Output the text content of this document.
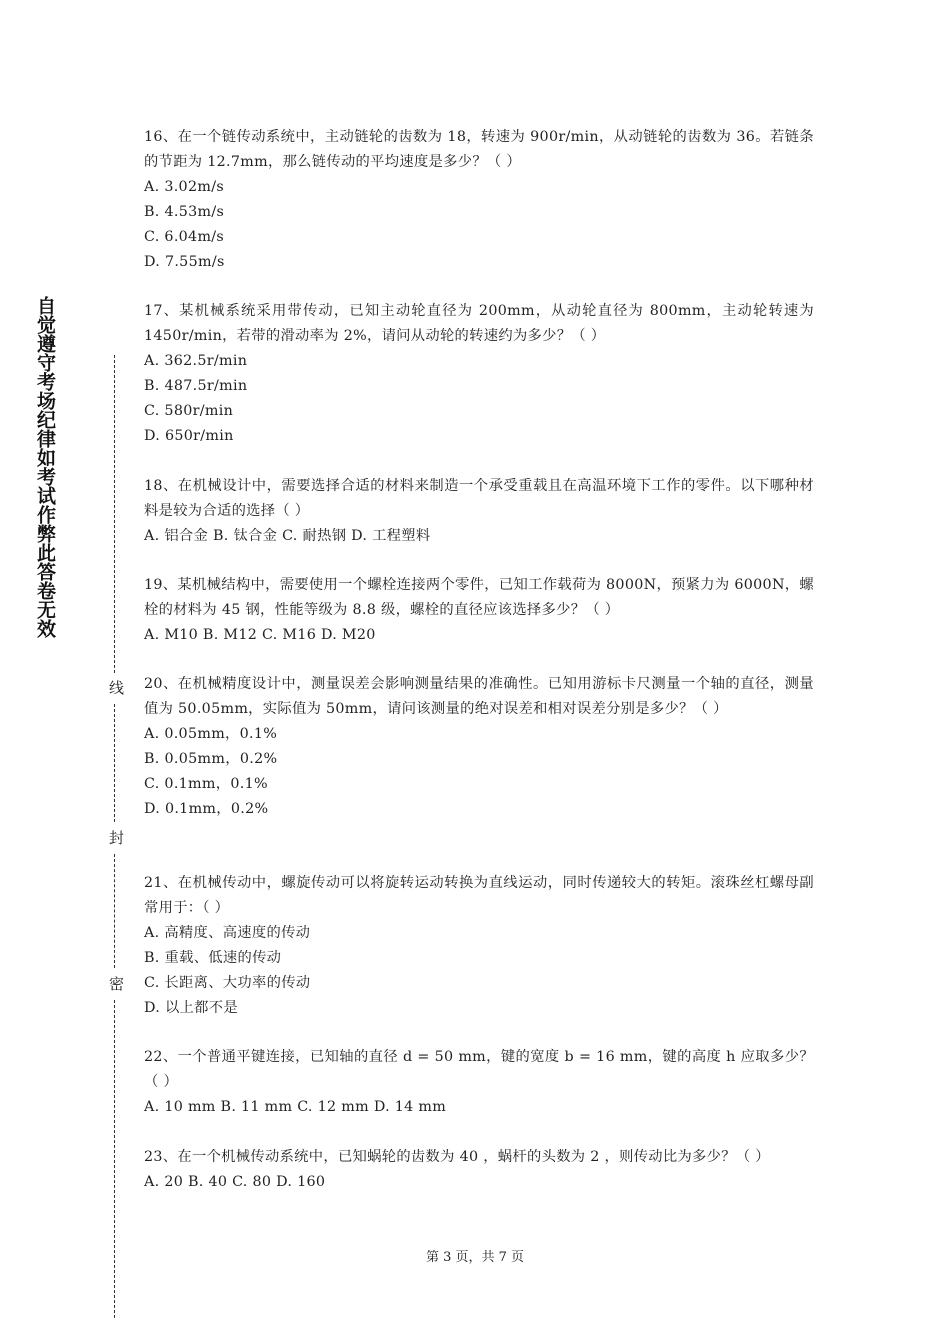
自觉遵守考场纪律如考试作弊此答卷无效
线
封
密

16、在一个链传动系统中，主动链轮的齿数为 18，转速为 900r/min，从动链轮的齿数为 36。若链条的节距为 12.7mm，那么链传动的平均速度是多少？（ ）

A. 3.02m/s

B. 4.53m/s

C. 6.04m/s

D. 7.55m/s

17、某机械系统采用带传动，已知主动轮直径为 200mm，从动轮直径为 800mm，主动轮转速为 1450r/min，若带的滑动率为 2%，请问从动轮的转速约为多少？（ ）

A. 362.5r/min

B. 487.5r/min

C. 580r/min

D. 650r/min

18、在机械设计中，需要选择合适的材料来制造一个承受重载且在高温环境下工作的零件。以下哪种材料是较为合适的选择（ ）

A. 铝合金 B. 钛合金 C. 耐热钢 D. 工程塑料

19、某机械结构中，需要使用一个螺栓连接两个零件，已知工作载荷为 8000N，预紧力为 6000N，螺栓的材料为 45 钢，性能等级为 8.8 级，螺栓的直径应该选择多少？（ ）

A. M10 B. M12 C. M16 D. M20

20、在机械精度设计中，测量误差会影响测量结果的准确性。已知用游标卡尺测量一个轴的直径，测量值为 50.05mm，实际值为 50mm，请问该测量的绝对误差和相对误差分别是多少？（ ）

A. 0.05mm，0.1%

B. 0.05mm，0.2%

C. 0.1mm，0.1%

D. 0.1mm，0.2%

21、在机械传动中，螺旋传动可以将旋转运动转换为直线运动，同时传递较大的转矩。滚珠丝杠螺母副常用于：（ ）

A. 高精度、高速度的传动

B. 重载、低速的传动

C. 长距离、大功率的传动

D. 以上都不是

22、一个普通平键连接，已知轴的直径 d = 50 mm，键的宽度 b = 16 mm，键的高度 h 应取多少？（ ）

A. 10 mm B. 11 mm C. 12 mm D. 14 mm

23、在一个机械传动系统中，已知蜗轮的齿数为 40 ，蜗杆的头数为 2 ，则传动比为多少？（ ）

A. 20 B. 40 C. 80 D. 160

第 3 页，共 7 页
